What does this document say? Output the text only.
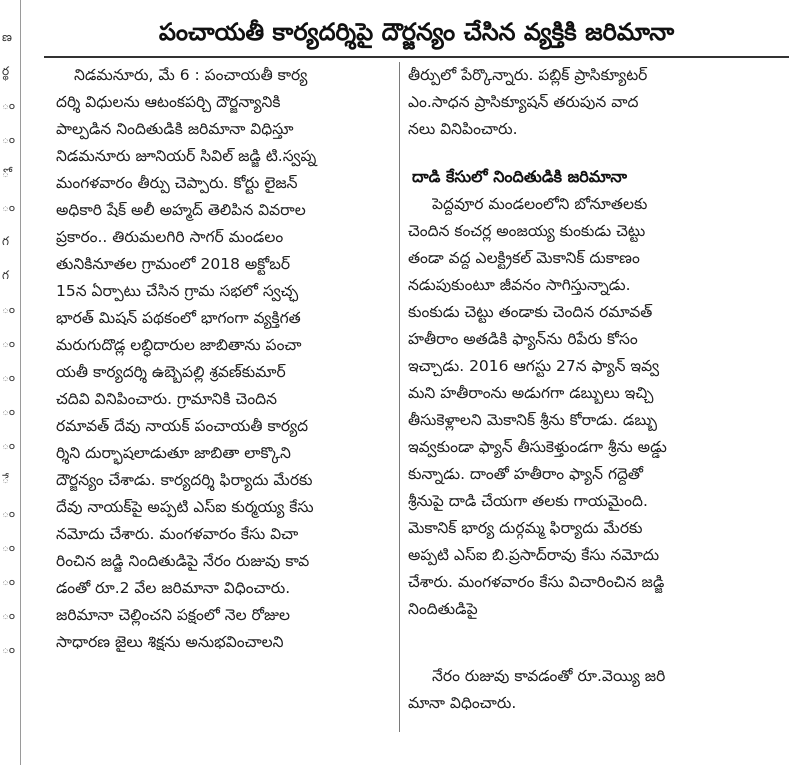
ణ
ర్థ
ం
ం
ో
ం
గ
గ
ం
ం
ం
ం
ం
ే
ం
ం
ం
ం
ం
పంచాయతీ కార్యదర్శిపై దౌర్జన్యం చేసిన వ్యక్తికి జరిమానా
నిడమనూరు, మే 6 : పంచాయతీ కార్య
దర్శి విధులను ఆటంకపర్చి దౌర్జన్యానికి
పాల్పడిన నిందితుడికి జరిమానా విధిస్తూ
నిడమనూరు జూనియర్ సివిల్ జడ్జి టి.స్వప్న
మంగళవారం తీర్పు చెప్పారు. కోర్టు లైజన్
అధికారి షేక్ అలీ అహ్మద్ తెలిపిన వివరాల
ప్రకారం.. తిరుమలగిరి సాగర్ మండలం
తునికినూతల గ్రామంలో 2018 అక్టోబర్
15న ఏర్పాటు చేసిన గ్రామ సభలో స్వచ్ఛ
భారత్ మిషన్ పథకంలో భాగంగా వ్యక్తిగత
మరుగుదొడ్ల లబ్ధిదారుల జాబితాను పంచా
యతీ కార్యదర్శి ఉబ్బెపల్లి శ్రవణ్‌కుమార్
చదివి వినిపించారు. గ్రామానికి చెందిన
రమావత్ దేవు నాయక్ పంచాయతీ కార్యద
ర్శిని దుర్భాషలాడుతూ జాబితా లాక్కొని
దౌర్జన్యం చేశాడు. కార్యదర్శి ఫిర్యాదు మేరకు
దేవు నాయక్‌పై అప్పటి ఎస్ఐ కుర్మయ్య కేసు
నమోదు చేశారు. మంగళవారం కేసు విచా
రించిన జడ్జి నిందితుడిపై నేరం రుజువు కావ
డంతో రూ.2 వేల జరిమానా విధించారు.
జరిమానా చెల్లించని పక్షంలో నెల రోజుల
సాధారణ జైలు శిక్షను అనుభవించాలని
తీర్పులో పేర్కొన్నారు. పబ్లిక్ ప్రాసిక్యూటర్
ఎం.సాధన ప్రాసిక్యూషన్ తరుపున వాద
నలు వినిపించారు.
పెద్దవూర మండలంలోని బోనూతలకు
చెందిన కంచర్ల అంజయ్య కుంకుడు చెట్టు
తండా వద్ద ఎలక్ట్రికల్ మెకానిక్ దుకాణం
నడుపుకుంటూ జీవనం సాగిస్తున్నాడు.
కుంకుడు చెట్టు తండాకు చెందిన రమావత్
హతీరాం అతడికి ఫ్యాన్‌ను రిపేరు కోసం
ఇచ్చాడు. 2016 ఆగస్టు 27న ఫ్యాన్ ఇవ్వ
మని హతీరాంను అడుగగా డబ్బులు ఇచ్చి
తీసుకెళ్లాలని మెకానిక్ శ్రీను కోరాడు. డబ్బు
ఇవ్వకుండా ఫ్యాన్ తీసుకెళ్తుండగా శ్రీను అడ్డు
కున్నాడు. దాంతో హతీరాం ఫ్యాన్ గద్దెతో
శ్రీనుపై దాడి చేయగా తలకు గాయమైంది.
మెకానిక్ భార్య దుర్గమ్మ ఫిర్యాదు మేరకు
అప్పటి ఎస్ఐ బి.ప్రసాద్‌రావు కేసు నమోదు
చేశారు. మంగళవారం కేసు విచారించిన జడ్జి
నిందితుడిపై
నేరం రుజువు కావడంతో రూ.వెయ్యి జరి
మానా విధించారు.
దాడి కేసులో నిందితుడికి జరిమానా
